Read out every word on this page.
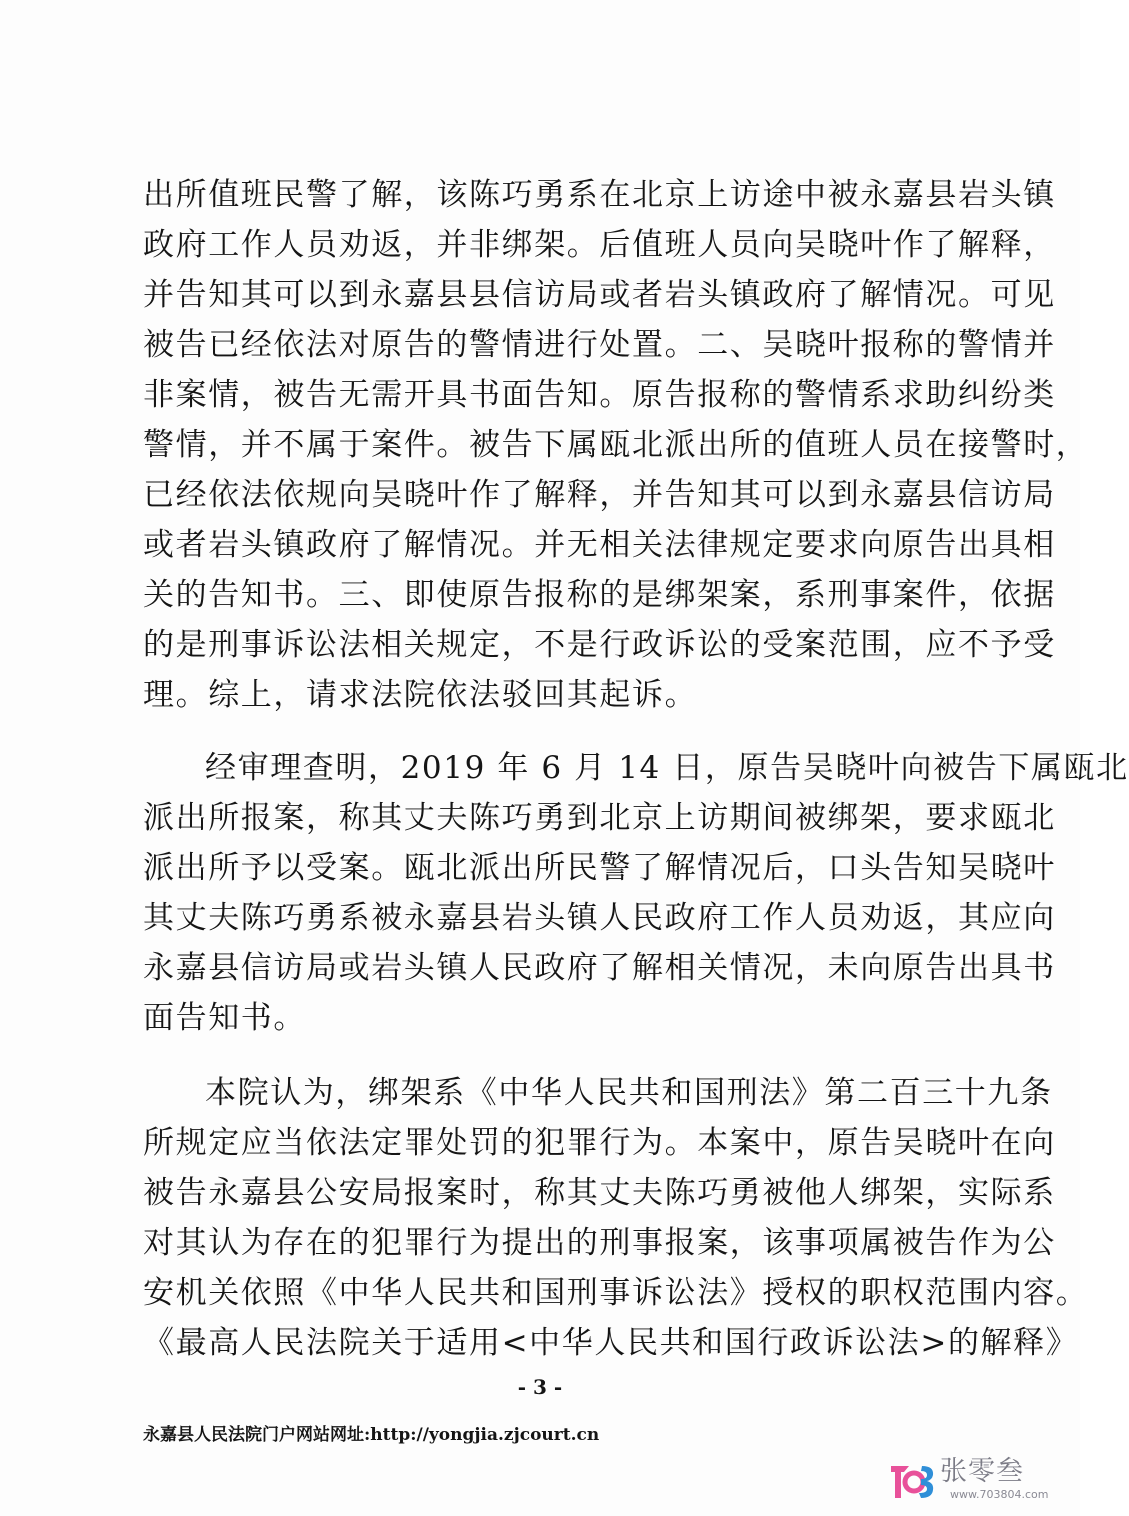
出所值班民警了解，该陈巧勇系在北京上访途中被永嘉县岩头镇
政府工作人员劝返，并非绑架。后值班人员向吴晓叶作了解释，
并告知其可以到永嘉县县信访局或者岩头镇政府了解情况。可见
被告已经依法对原告的警情进行处置。二、吴晓叶报称的警情并
非案情，被告无需开具书面告知。原告报称的警情系求助纠纷类
警情，并不属于案件。被告下属瓯北派出所的值班人员在接警时，
已经依法依规向吴晓叶作了解释，并告知其可以到永嘉县信访局
或者岩头镇政府了解情况。并无相关法律规定要求向原告出具相
关的告知书。三、即使原告报称的是绑架案，系刑事案件，依据
的是刑事诉讼法相关规定，不是行政诉讼的受案范围，应不予受
理。综上，请求法院依法驳回其起诉。
经审理查明，2019 年 6 月 14 日，原告吴晓叶向被告下属瓯北
派出所报案，称其丈夫陈巧勇到北京上访期间被绑架，要求瓯北
派出所予以受案。瓯北派出所民警了解情况后，口头告知吴晓叶
其丈夫陈巧勇系被永嘉县岩头镇人民政府工作人员劝返，其应向
永嘉县信访局或岩头镇人民政府了解相关情况，未向原告出具书
面告知书。
本院认为，绑架系《中华人民共和国刑法》第二百三十九条
所规定应当依法定罪处罚的犯罪行为。本案中，原告吴晓叶在向
被告永嘉县公安局报案时，称其丈夫陈巧勇被他人绑架，实际系
对其认为存在的犯罪行为提出的刑事报案，该事项属被告作为公
安机关依照《中华人民共和国刑事诉讼法》授权的职权范围内容。
《最高人民法院关于适用<中华人民共和国行政诉讼法>的解释》
- 3 -
永嘉县人民法院门户网站网址:http://yongjia.zjcourt.cn
张零叁
www.703804.com
